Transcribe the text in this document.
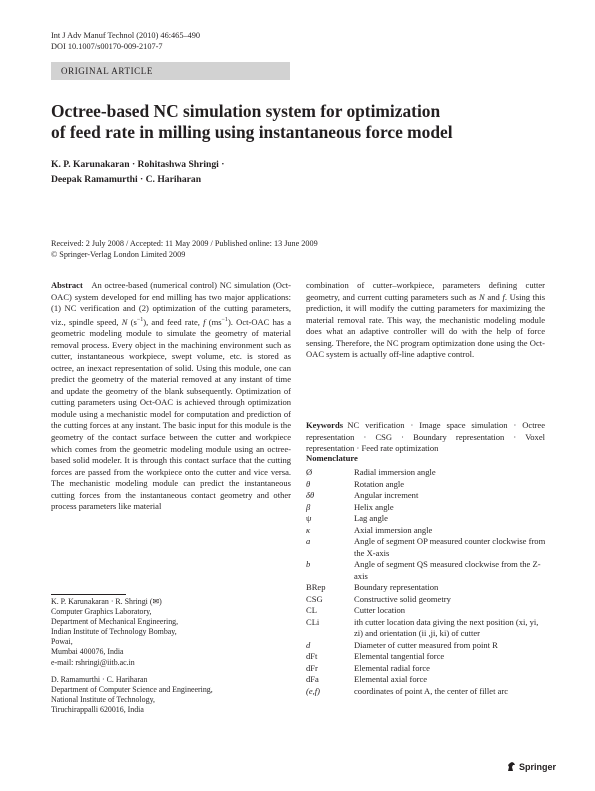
Int J Adv Manuf Technol (2010) 46:465–490
DOI 10.1007/s00170-009-2107-7
ORIGINAL ARTICLE
Octree-based NC simulation system for optimization
of feed rate in milling using instantaneous force model
K. P. Karunakaran · Rohitashwa Shringi ·
Deepak Ramamurthi · C. Hariharan
Received: 2 July 2008 / Accepted: 11 May 2009 / Published online: 13 June 2009
© Springer-Verlag London Limited 2009

Abstract  An octree-based (numerical control) NC simulation (Oct-OAC) system developed for end milling has two major applications: (1) NC verification and (2) optimization of the cutting parameters, viz., spindle speed, N $(s^{-1})$, and feed rate, f $(ms^{-1})$. Oct-OAC has a geometric modeling module to simulate the geometry of material removal process. Every object in the machining environment such as cutter, instantaneous workpiece, swept volume, etc. is stored as octree, an inexact representation of solid. Using this module, one can predict the geometry of the material removed at any instant of time and update the geometry of the blank subsequently. Optimization of cutting parameters using Oct-OAC is achieved through optimization module using a mechanistic model for computation and prediction of the cutting forces at any instant. The basic input for this module is the geometry of the contact surface between the cutter and workpiece which comes from the geometric modeling module using an octree-based solid modeler. It is through this contact surface that the cutting forces are passed from the workpiece onto the cutter and vice versa. The mechanistic modeling module can predict the instantaneous cutting forces from the instantaneous contact geometry and other process parameters like material

combination of cutter–workpiece, parameters defining cutter geometry, and current cutting parameters such as N and f. Using this prediction, it will modify the cutting parameters for maximizing the material removal rate. This way, the mechanistic modeling module does what an adaptive controller will do with the help of force sensing. Therefore, the NC program optimization done using the Oct-OAC system is actually off-line adaptive control.

Keywords  NC verification · Image space simulation · Octree representation · CSG · Boundary representation · Voxel representation · Feed rate optimization

Nomenclature
Ø	Radial immersion angle
θ	Rotation angle
δθ	Angular increment
β	Helix angle
ψ	Lag angle
κ	Axial immersion angle
a	Angle of segment OP measured counter clockwise from the X-axis
b	Angle of segment QS measured clockwise from the Z-axis
BRep	Boundary representation
CSG	Constructive solid geometry
CL	Cutter location
CLi	ith cutter location data giving the next position (xi, yi, zi) and orientation (ii ,ji, ki) of cutter
d	Diameter of cutter measured from point R
dFt	Elemental tangential force
dFr	Elemental radial force
dFa	Elemental axial force
(e,f)	coordinates of point A, the center of fillet arc
K. P. Karunakaran · R. Shringi (✉)
Computer Graphics Laboratory,
Department of Mechanical Engineering,
Indian Institute of Technology Bombay,
Powai,
Mumbai 400076, India
e-mail: rshringi@iitb.ac.in
D. Ramamurthi · C. Hariharan
Department of Computer Science and Engineering,
National Institute of Technology,
Tiruchirappalli 620016, India
Springer
